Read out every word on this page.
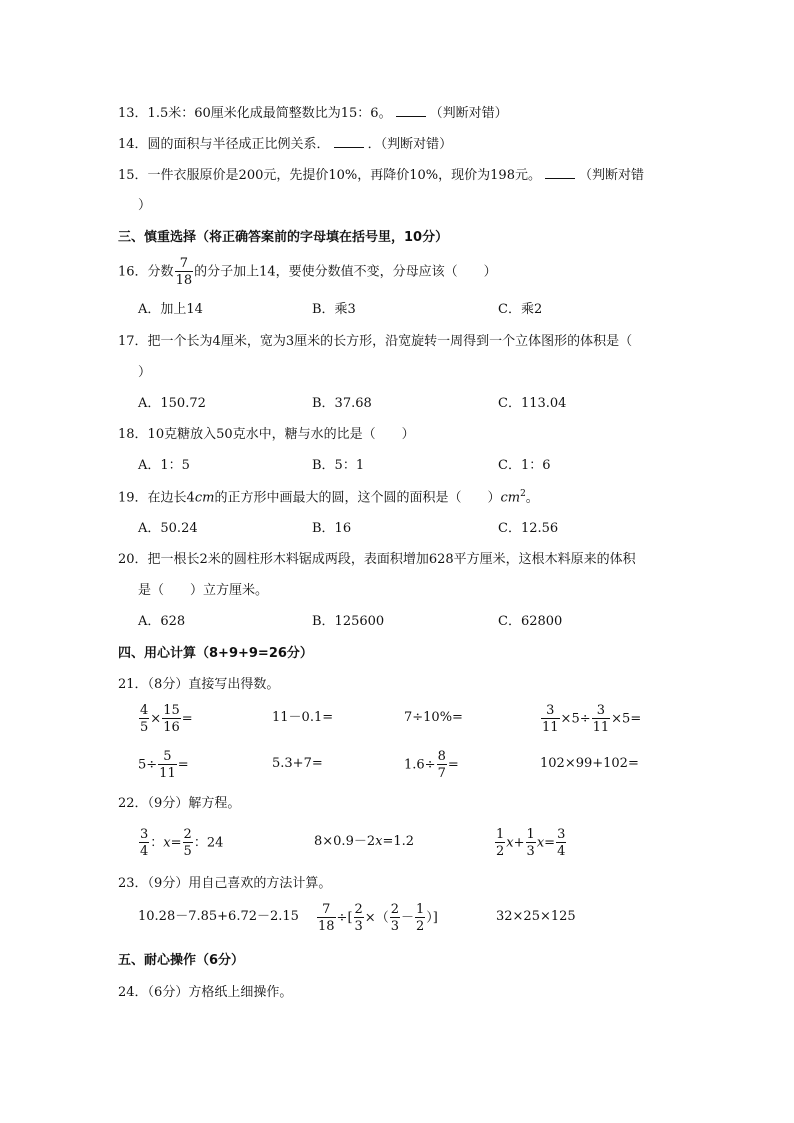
13．1.5米：60厘米化成最简整数比为15：6。	（判断对错）
14．圆的面积与半径成正比例关系．	．（判断对错）
15．一件衣服原价是200元，先提价10%，再降价10%，现价为198元。	（判断对错
）
三、慎重选择（将正确答案前的字母填在括号里，10分）
16．分数 $\frac{7}{18}$ 的分子加上14，要使分数值不变，分母应该（　　）
A．加上14	B．乘3	C．乘2
17．把一个长为4厘米，宽为3厘米的长方形，沿宽旋转一周得到一个立体图形的体积是（
）
A．150.72	B．37.68	C．113.04
18．10克糖放入50克水中，糖与水的比是（　　）
A．1：5	B．5：1	C．1：6
19．在边长4cm的正方形中画最大的圆，这个圆的面积是（　　）$cm^2$。
A．50.24	B．16	C．12.56
20．把一根长2米的圆柱形木料锯成两段，表面积增加628平方厘米，这根木料原来的体积
是（　　）立方厘米。
A．628	B．125600	C．62800
四、用心计算（8+9+9=26分）
21．（8分）直接写出得数。
$\frac{4}{5} \times \frac{15}{16}$ =	11－0.1=	7÷10%=	$\frac{3}{11} \times 5\div \frac{3}{11} \times 5=$
$5\div \frac{5}{11}$ =	5.3+7=	$1.6\div \frac{8}{7}$ =	102×99+102=
22．（9分）解方程。
$\frac{3}{4}$ ：$x= \frac{2}{5}$ ：24	8×0.9－2x=1.2	$\frac{1}{2} x+ \frac{1}{3} x= \frac{3}{4}$
23．（9分）用自己喜欢的方法计算。
$10.28-7.85+6.72-2.15 \frac{7}{18}$ ÷[ $\frac{2}{3}$ ×（ $\frac{2}{3} - \frac{1}{2}$ ）]	32×25×125
五、耐心操作（6分）
24．（6分）方格纸上细操作。
